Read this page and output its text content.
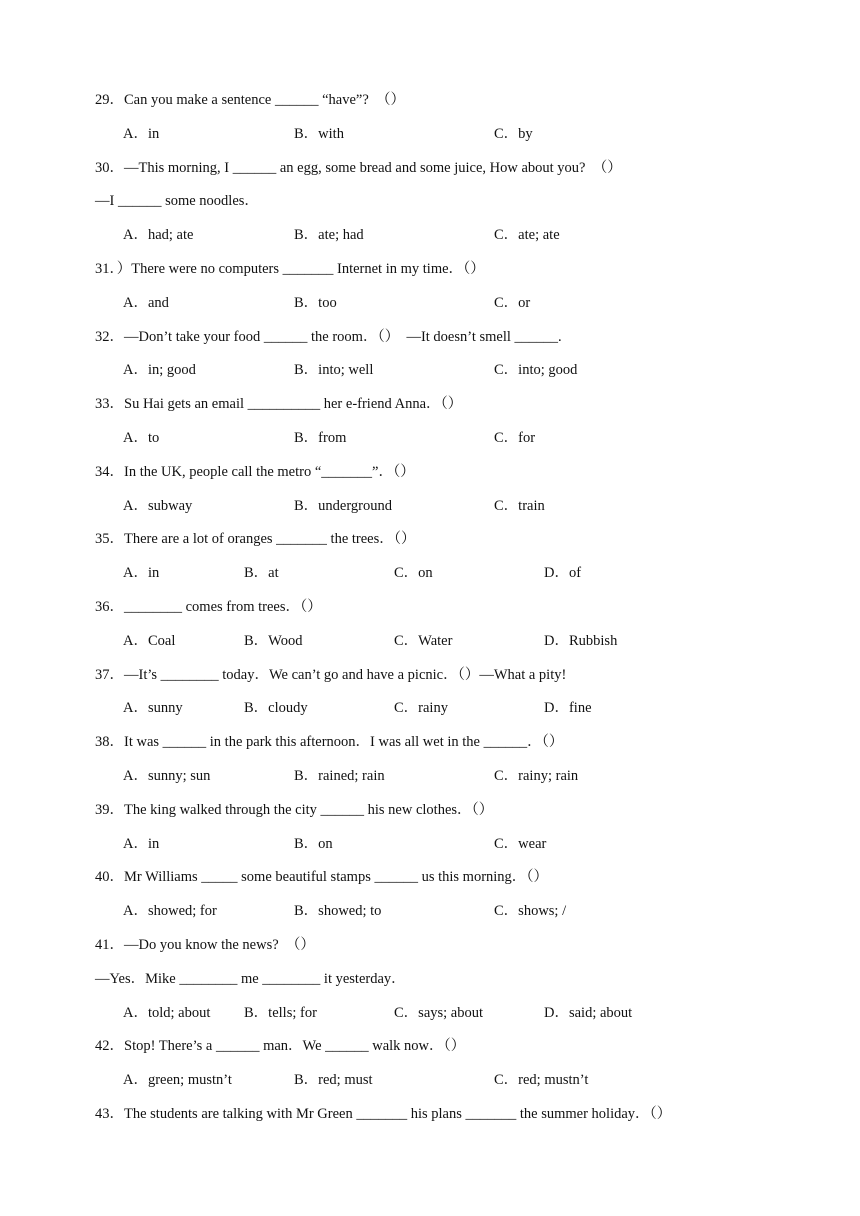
29．Can you make a sentence ______ “have”?  （）
A．in	B．with	C．by
30．—This morning, I ______ an egg, some bread and some juice, How about you?  （）
—I ______ some noodles．
A．had; ate	B．ate; had	C．ate; ate
31．）There were no computers _______ Internet in my time．（）
A．and	B．too	C．or
32．—Don’t take your food ______ the room．（）  —It doesn’t smell ______.
A．in; good	B．into; well	C．into; good
33．Su Hai gets an email __________ her e-friend Anna．（）
A．to	B．from	C．for
34．In the UK, people call the metro “_______”．（）
A．subway	B．underground	C．train
35．There are a lot of oranges _______ the trees．（）
A．in	B．at	C．on	D．of
36．________ comes from trees．（）
A．Coal	B．Wood	C．Water	D．Rubbish
37．—It’s ________ today．We can’t go and have a picnic．（）—What a pity!
A．sunny	B．cloudy	C．rainy	D．fine
38．It was ______ in the park this afternoon．I was all wet in the ______．（）
A．sunny; sun	B．rained; rain	C．rainy; rain
39．The king walked through the city ______ his new clothes．（）
A．in	B．on	C．wear
40．Mr Williams _____ some beautiful stamps ______ us this morning．（）
A．showed; for	B．showed; to	C．shows; /
41．—Do you know the news?  （）
—Yes．Mike ________ me ________ it yesterday．
A．told; about B．tells; for	C．says; about	D．said; about
42．Stop! There’s a ______ man．We ______ walk now．（）
A．green; mustn’t	B．red; must	C．red; mustn’t
43．The students are talking with Mr Green _______ his plans _______ the summer holiday．（）
